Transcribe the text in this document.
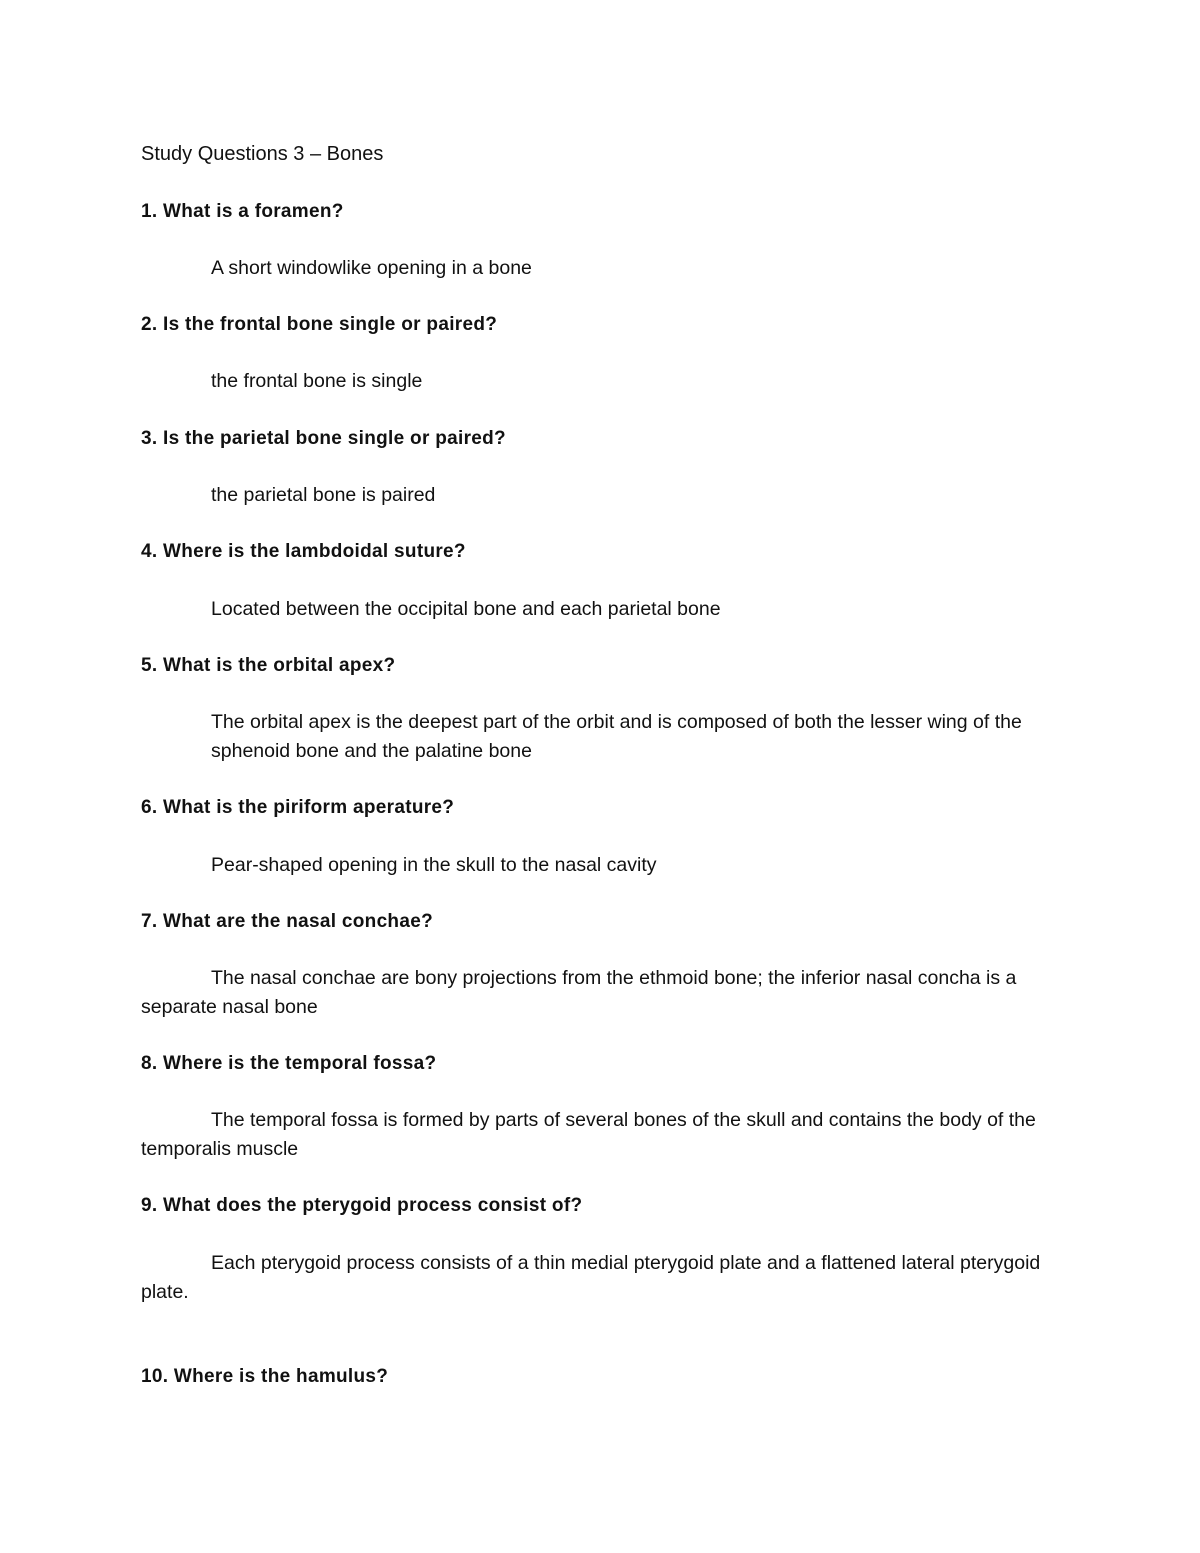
Study Questions 3 – Bones
1. What is a foramen?
A short windowlike opening in a bone
2. Is the frontal bone single or paired?
the frontal bone is single
3. Is the parietal bone single or paired?
the parietal bone is paired
4. Where is the lambdoidal suture?
Located between the occipital bone and each parietal bone
5. What is the orbital apex?
The orbital apex is the deepest part of the orbit and is composed of both the lesser wing of the sphenoid bone and the palatine bone
6. What is the piriform aperature?
Pear-shaped opening in the skull to the nasal cavity
7. What are the nasal conchae?
The nasal conchae are bony projections from the ethmoid bone; the inferior nasal concha is a separate nasal bone
8. Where is the temporal fossa?
The temporal fossa is formed by parts of several bones of the skull and contains the body of the temporalis muscle
9. What does the pterygoid process consist of?
Each pterygoid process consists of a thin medial pterygoid plate and a flattened lateral pterygoid plate.
10. Where is the hamulus?
